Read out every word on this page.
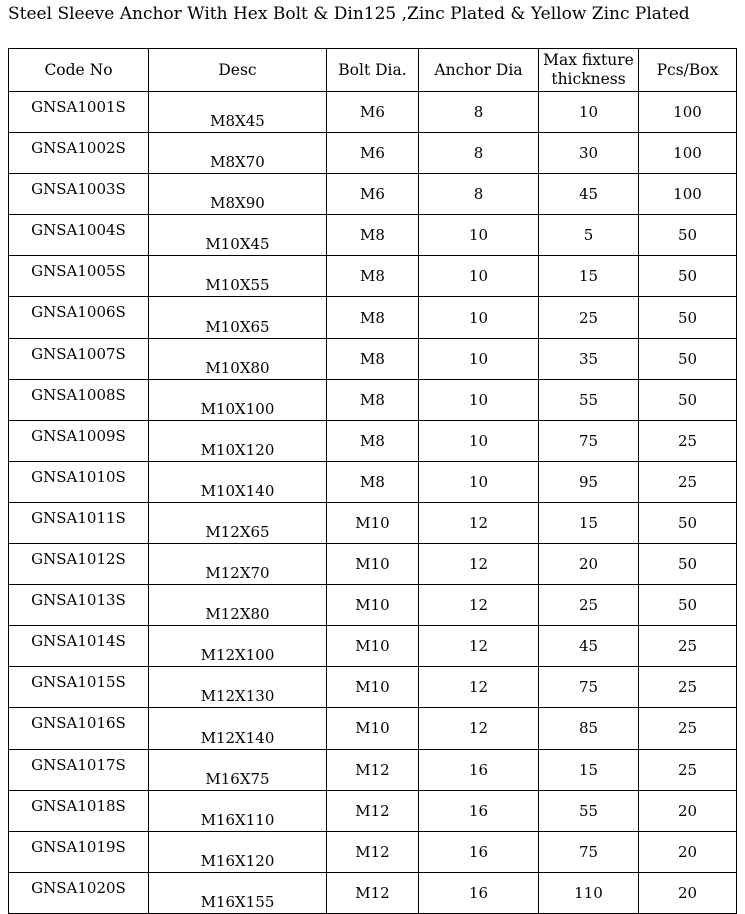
Steel Sleeve Anchor With Hex Bolt & Din125 ,Zinc Plated & Yellow Zinc Plated
Code No	Desc	Bolt Dia.	Anchor Dia	Max fixture thickness	Pcs/Box
GNSA1001S	M8X45	M6	8	10	100
GNSA1002S	M8X70	M6	8	30	100
GNSA1003S	M8X90	M6	8	45	100
GNSA1004S	M10X45	M8	10	5	50
GNSA1005S	M10X55	M8	10	15	50
GNSA1006S	M10X65	M8	10	25	50
GNSA1007S	M10X80	M8	10	35	50
GNSA1008S	M10X100	M8	10	55	50
GNSA1009S	M10X120	M8	10	75	25
GNSA1010S	M10X140	M8	10	95	25
GNSA1011S	M12X65	M10	12	15	50
GNSA1012S	M12X70	M10	12	20	50
GNSA1013S	M12X80	M10	12	25	50
GNSA1014S	M12X100	M10	12	45	25
GNSA1015S	M12X130	M10	12	75	25
GNSA1016S	M12X140	M10	12	85	25
GNSA1017S	M16X75	M12	16	15	25
GNSA1018S	M16X110	M12	16	55	20
GNSA1019S	M16X120	M12	16	75	20
GNSA1020S	M16X155	M12	16	110	20
